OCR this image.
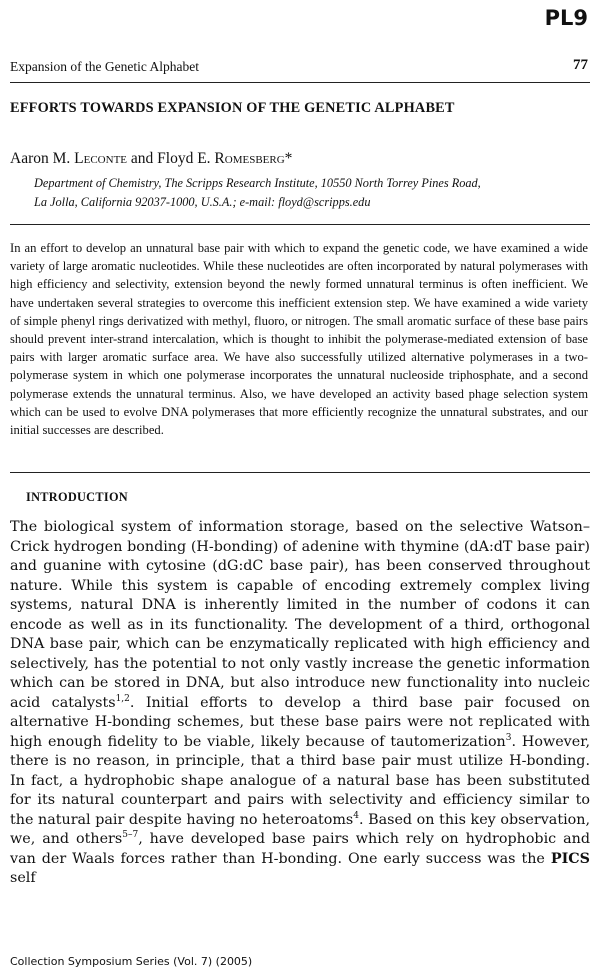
PL9
Expansion of the Genetic Alphabet	77
EFFORTS TOWARDS EXPANSION OF THE GENETIC ALPHABET
Aaron M. Leconte and Floyd E. Romesberg*
Department of Chemistry, The Scripps Research Institute, 10550 North Torrey Pines Road,
La Jolla, California 92037-1000, U.S.A.; e-mail: floyd@scripps.edu
In an effort to develop an unnatural base pair with which to expand the genetic code, we have examined a wide variety of large aromatic nucleotides. While these nucleotides are often incorporated by natural polymerases with high efficiency and selectivity, extension beyond the newly formed unnatural terminus is often inefficient. We have undertaken several strategies to overcome this inefficient extension step. We have examined a wide variety of simple phenyl rings derivatized with methyl, fluoro, or nitrogen. The small aromatic surface of these base pairs should prevent inter-strand intercalation, which is thought to inhibit the polymerase-mediated extension of base pairs with larger aromatic surface area. We have also successfully utilized alternative polymerases in a two-polymerase system in which one polymerase incorporates the unnatural nucleoside triphosphate, and a second polymerase extends the unnatural terminus. Also, we have developed an activity based phage selection system which can be used to evolve DNA polymerases that more efficiently recognize the unnatural substrates, and our initial successes are described.
INTRODUCTION
The biological system of information storage, based on the selective Watson–Crick hydrogen bonding (H-bonding) of adenine with thymine (dA:dT base pair) and guanine with cytosine (dG:dC base pair), has been conserved throughout nature. While this system is capable of encoding extremely complex living systems, natural DNA is inherently limited in the number of codons it can encode as well as in its functionality. The development of a third, orthogonal DNA base pair, which can be enzymatically replicated with high efficiency and selectively, has the potential to not only vastly increase the genetic information which can be stored in DNA, but also introduce new functionality into nucleic acid catalysts$^{1,2}$. Initial efforts to develop a third base pair focused on alternative H-bonding schemes, but these base pairs were not replicated with high enough fidelity to be viable, likely because of tautomerization$^3$. However, there is no reason, in principle, that a third base pair must utilize H-bonding. In fact, a hydrophobic shape analogue of a natural base has been substituted for its natural counterpart and pairs with selectivity and efficiency similar to the natural pair despite having no heteroatoms$^4$. Based on this key observation, we, and others$^{5-7}$, have developed base pairs which rely on hydrophobic and van der Waals forces rather than H-bonding. One early success was the PICS self
Collection Symposium Series (Vol. 7) (2005)
